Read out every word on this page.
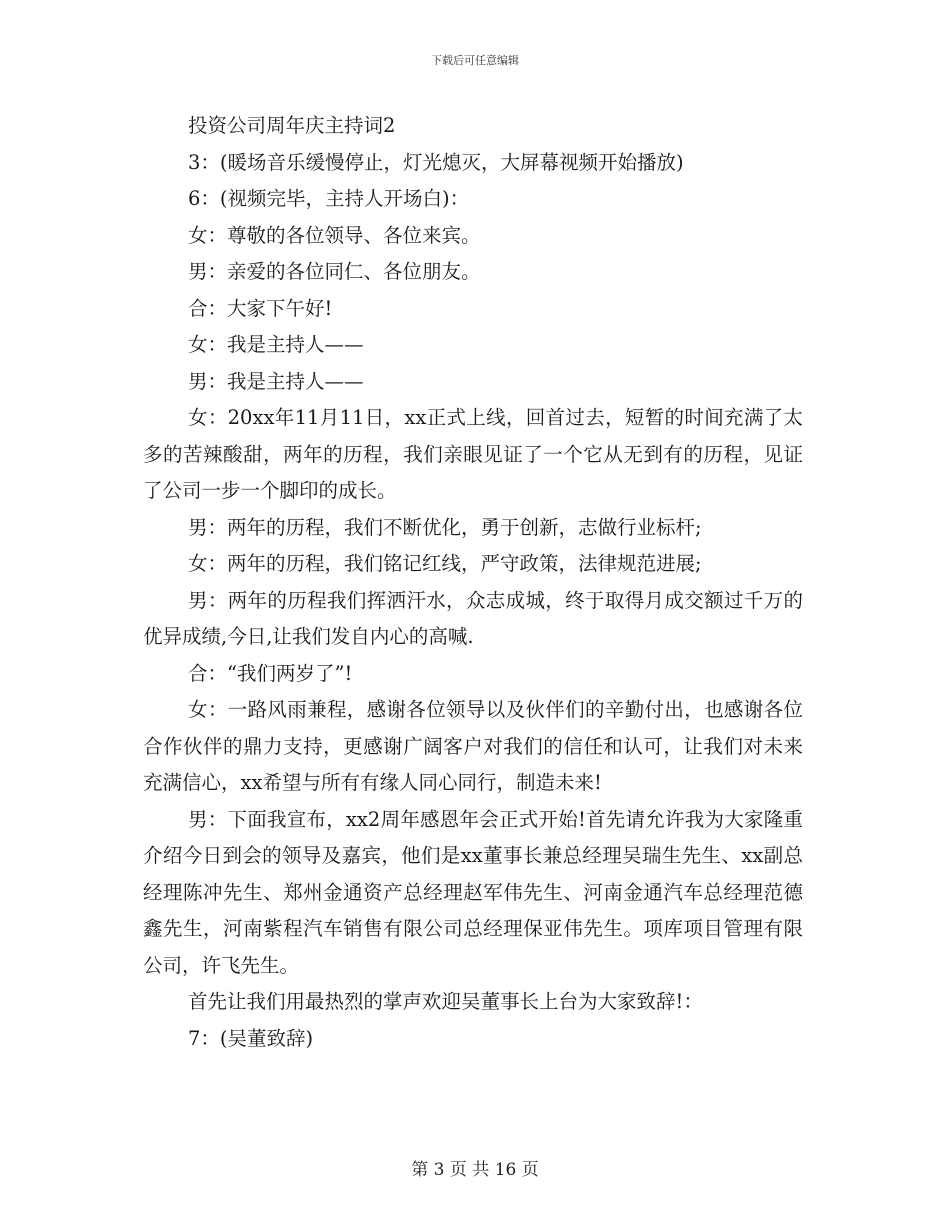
下载后可任意编辑
投资公司周年庆主持词2
3：(暖场音乐缓慢停止，灯光熄灭，大屏幕视频开始播放)
6：(视频完毕，主持人开场白)：
女：尊敬的各位领导、各位来宾。
男：亲爱的各位同仁、各位朋友。
合：大家下午好!
女：我是主持人——
男：我是主持人——
女：20xx年11月11日，xx正式上线，回首过去，短暂的时间充满了太多的苦辣酸甜，两年的历程，我们亲眼见证了一个它从无到有的历程，见证了公司一步一个脚印的成长。
男：两年的历程，我们不断优化，勇于创新，志做行业标杆;
女：两年的历程，我们铭记红线，严守政策，法律规范进展;
男：两年的历程我们挥洒汗水，众志成城，终于取得月成交额过千万的优异成绩,今日,让我们发自内心的高喊.
合：“我们两岁了”!
女：一路风雨兼程，感谢各位领导以及伙伴们的辛勤付出，也感谢各位合作伙伴的鼎力支持，更感谢广阔客户对我们的信任和认可，让我们对未来充满信心，xx希望与所有有缘人同心同行，制造未来!
男：下面我宣布，xx2周年感恩年会正式开始!首先请允许我为大家隆重介绍今日到会的领导及嘉宾，他们是xx董事长兼总经理吴瑞生先生、xx副总经理陈冲先生、郑州金通资产总经理赵军伟先生、河南金通汽车总经理范德鑫先生，河南紫程汽车销售有限公司总经理保亚伟先生。项库项目管理有限公司，许飞先生。
首先让我们用最热烈的掌声欢迎吴董事长上台为大家致辞!：
7：(吴董致辞)
第 3 页 共 16 页
